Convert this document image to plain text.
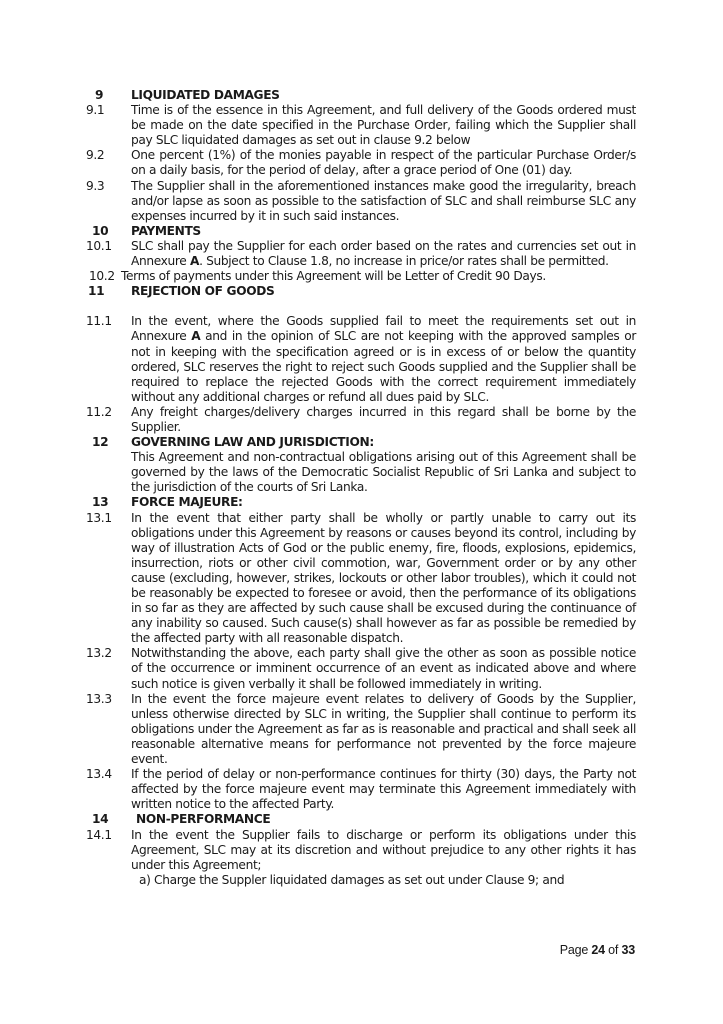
9	LIQUIDATED DAMAGES
9.1	Time is of the essence in this Agreement, and full delivery of the Goods ordered must be made on the date specified in the Purchase Order, failing which the Supplier shall pay SLC liquidated damages as set out in clause 9.2 below
9.2	One percent (1%) of the monies payable in respect of the particular Purchase Order/s on a daily basis, for the period of delay, after a grace period of One (01) day.
9.3	The Supplier shall in the aforementioned instances make good the irregularity, breach and/or lapse as soon as possible to the satisfaction of SLC and shall reimburse SLC any expenses incurred by it in such said instances.
10	PAYMENTS
10.1	SLC shall pay the Supplier for each order based on the rates and currencies set out in Annexure A. Subject to Clause 1.8, no increase in price/or rates shall be permitted.
10.2 Terms of payments under this Agreement will be Letter of Credit 90 Days.
11	REJECTION OF GOODS
11.1	In the event, where the Goods supplied fail to meet the requirements set out in Annexure A and in the opinion of SLC are not keeping with the approved samples or not in keeping with the specification agreed or is in excess of or below the quantity ordered, SLC reserves the right to reject such Goods supplied and the Supplier shall be required to replace the rejected Goods with the correct requirement immediately without any additional charges or refund all dues paid by SLC.
11.2	Any freight charges/delivery charges incurred in this regard shall be borne by the Supplier.
12	GOVERNING LAW AND JURISDICTION:
This Agreement and non-contractual obligations arising out of this Agreement shall be governed by the laws of the Democratic Socialist Republic of Sri Lanka and subject to the jurisdiction of the courts of Sri Lanka.
13	FORCE MAJEURE:
13.1	In the event that either party shall be wholly or partly unable to carry out its obligations under this Agreement by reasons or causes beyond its control, including by way of illustration Acts of God or the public enemy, fire, floods, explosions, epidemics, insurrection, riots or other civil commotion, war, Government order or by any other cause (excluding, however, strikes, lockouts or other labor troubles), which it could not be reasonably be expected to foresee or avoid, then the performance of its obligations in so far as they are affected by such cause shall be excused during the continuance of any inability so caused. Such cause(s) shall however as far as possible be remedied by the affected party with all reasonable dispatch.
13.2	Notwithstanding the above, each party shall give the other as soon as possible notice of the occurrence or imminent occurrence of an event as indicated above and where such notice is given verbally it shall be followed immediately in writing.
13.3	In the event the force majeure event relates to delivery of Goods by the Supplier, unless otherwise directed by SLC in writing, the Supplier shall continue to perform its obligations under the Agreement as far as is reasonable and practical and shall seek all reasonable alternative means for performance not prevented by the force majeure event.
13.4	If the period of delay or non-performance continues for thirty (30) days, the Party not affected by the force majeure event may terminate this Agreement immediately with written notice to the affected Party.
14	NON-PERFORMANCE
14.1	In the event the Supplier fails to discharge or perform its obligations under this Agreement, SLC may at its discretion and without prejudice to any other rights it has under this Agreement;
a) Charge the Suppler liquidated damages as set out under Clause 9; and
Page 24 of 33
